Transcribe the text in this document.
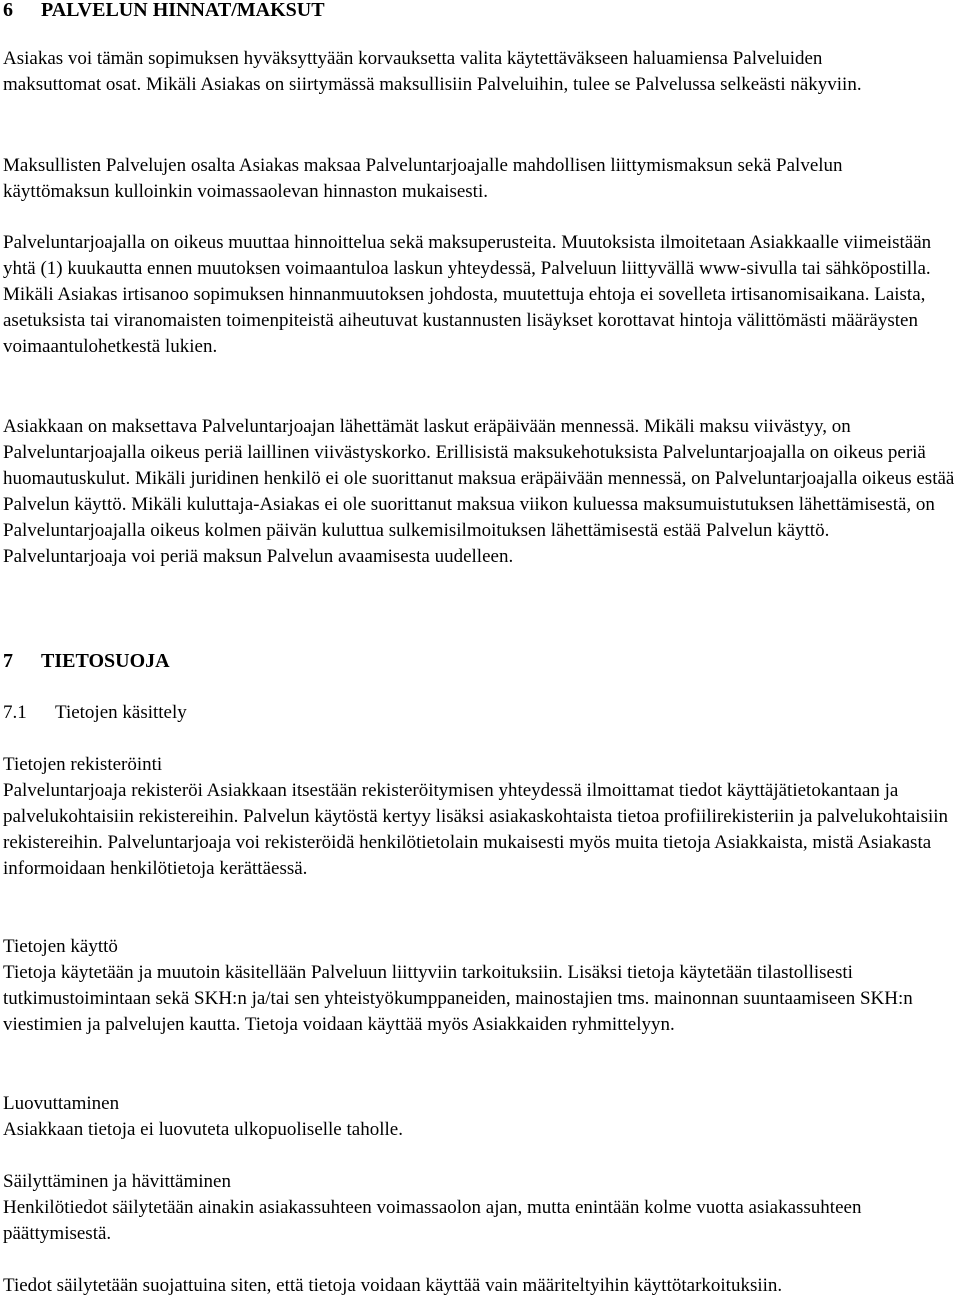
6 PALVELUN HINNAT/MAKSUT

Asiakas voi tämän sopimuksen hyväksyttyään korvauksetta valita käytettäväkseen haluamiensa Palveluiden maksuttomat osat. Mikäli Asiakas on siirtymässä maksullisiin Palveluihin, tulee se Palvelussa selkeästi näkyviin.

Maksullisten Palvelujen osalta Asiakas maksaa Palveluntarjoajalle mahdollisen liittymismaksun sekä Palvelun käyttömaksun kulloinkin voimassaolevan hinnaston mukaisesti.

Palveluntarjoajalla on oikeus muuttaa hinnoittelua sekä maksuperusteita. Muutoksista ilmoitetaan Asiakkaalle viimeistään yhtä (1) kuukautta ennen muutoksen voimaantuloa laskun yhteydessä, Palveluun liittyvällä www-sivulla tai sähköpostilla. Mikäli Asiakas irtisanoo sopimuksen hinnanmuutoksen johdosta, muutettuja ehtoja ei sovelleta irtisanomisaikana. Laista, asetuksista tai viranomaisten toimenpiteistä aiheutuvat kustannusten lisäykset korottavat hintoja välittömästi määräysten voimaantulohetkestä lukien.

Asiakkaan on maksettava Palveluntarjoajan lähettämät laskut eräpäivään mennessä. Mikäli maksu viivästyy, on Palveluntarjoajalla oikeus periä laillinen viivästyskorko. Erillisistä maksukehotuksista Palveluntarjoajalla on oikeus periä huomautuskulut. Mikäli juridinen henkilö ei ole suorittanut maksua eräpäivään mennessä, on Palveluntarjoajalla oikeus estää Palvelun käyttö. Mikäli kuluttaja-Asiakas ei ole suorittanut maksua viikon kuluessa maksumuistutuksen lähettämisestä, on Palveluntarjoajalla oikeus kolmen päivän kuluttua sulkemisilmoituksen lähettämisestä estää Palvelun käyttö. Palveluntarjoaja voi periä maksun Palvelun avaamisesta uudelleen.

7 TIETOSUOJA
7.1 Tietojen käsittely

Tietojen rekisteröinti

Palveluntarjoaja rekisteröi Asiakkaan itsestään rekisteröitymisen yhteydessä ilmoittamat tiedot käyttäjätietokantaan ja palvelukohtaisiin rekistereihin. Palvelun käytöstä kertyy lisäksi asiakaskohtaista tietoa profiilirekisteriin ja palvelukohtaisiin rekistereihin. Palveluntarjoaja voi rekisteröidä henkilötietolain mukaisesti myös muita tietoja Asiakkaista, mistä Asiakasta informoidaan henkilötietoja kerättäessä.

Tietojen käyttö

Tietoja käytetään ja muutoin käsitellään Palveluun liittyviin tarkoituksiin. Lisäksi tietoja käytetään tilastollisesti tutkimustoimintaan sekä SKH:n ja/tai sen yhteistyökumppaneiden, mainostajien tms. mainonnan suuntaamiseen SKH:n viestimien ja palvelujen kautta. Tietoja voidaan käyttää myös Asiakkaiden ryhmittelyyn.

Luovuttaminen

Asiakkaan tietoja ei luovuteta ulkopuoliselle taholle.

Säilyttäminen ja hävittäminen

Henkilötiedot säilytetään ainakin asiakassuhteen voimassaolon ajan, mutta enintään kolme vuotta asiakassuhteen päättymisestä.

Tiedot säilytetään suojattuina siten, että tietoja voidaan käyttää vain määriteltyihin käyttötarkoituksiin.
